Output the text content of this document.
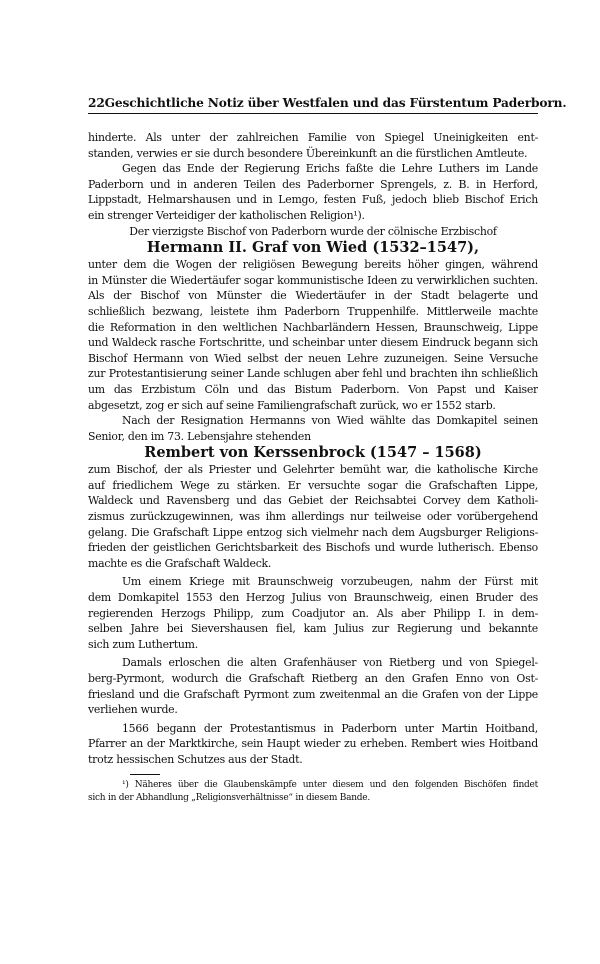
22 Geschichtliche Notiz über Westfalen und das Fürstentum Paderborn.
hinderte. Als unter der zahlreichen Familie von Spiegel Uneinigkeiten ent-
standen, verwies er sie durch besondere Übereinkunft an die fürstlichen Amtleute.
Gegen das Ende der Regierung Erichs faßte die Lehre Luthers im Lande
Paderborn und in anderen Teilen des Paderborner Sprengels, z. B. in Herford,
Lippstadt, Helmarshausen und in Lemgo, festen Fuß, jedoch blieb Bischof Erich
ein strenger Verteidiger der katholischen Religion¹).
Der vierzigste Bischof von Paderborn wurde der cölnische Erzbischof
Hermann II. Graf von Wied (1532–1547),
unter dem die Wogen der religiösen Bewegung bereits höher gingen, während
in Münster die Wiedertäufer sogar kommunistische Ideen zu verwirklichen suchten.
Als der Bischof von Münster die Wiedertäufer in der Stadt belagerte und
schließlich bezwang, leistete ihm Paderborn Truppenhilfe. Mittlerweile machte
die Reformation in den weltlichen Nachbarländern Hessen, Braunschweig, Lippe
und Waldeck rasche Fortschritte, und scheinbar unter diesem Eindruck begann sich
Bischof Hermann von Wied selbst der neuen Lehre zuzuneigen. Seine Versuche
zur Protestantisierung seiner Lande schlugen aber fehl und brachten ihn schließlich
um das Erzbistum Cöln und das Bistum Paderborn. Von Papst und Kaiser
abgesetzt, zog er sich auf seine Familiengrafschaft zurück, wo er 1552 starb.
Nach der Resignation Hermanns von Wied wählte das Domkapitel seinen
Senior, den im 73. Lebensjahre stehenden
Rembert von Kerssenbrock (1547 – 1568)
zum Bischof, der als Priester und Gelehrter bemüht war, die katholische Kirche
auf friedlichem Wege zu stärken. Er versuchte sogar die Grafschaften Lippe,
Waldeck und Ravensberg und das Gebiet der Reichsabtei Corvey dem Katholi-
zismus zurückzugewinnen, was ihm allerdings nur teilweise oder vorübergehend
gelang. Die Grafschaft Lippe entzog sich vielmehr nach dem Augsburger Religions-
frieden der geistlichen Gerichtsbarkeit des Bischofs und wurde lutherisch. Ebenso
machte es die Grafschaft Waldeck.
Um einem Kriege mit Braunschweig vorzubeugen, nahm der Fürst mit
dem Domkapitel 1553 den Herzog Julius von Braunschweig, einen Bruder des
regierenden Herzogs Philipp, zum Coadjutor an. Als aber Philipp I. in dem-
selben Jahre bei Sievershausen fiel, kam Julius zur Regierung und bekannte
sich zum Luthertum.
Damals erloschen die alten Grafenhäuser von Rietberg und von Spiegel-
berg-Pyrmont, wodurch die Grafschaft Rietberg an den Grafen Enno von Ost-
friesland und die Grafschaft Pyrmont zum zweitenmal an die Grafen von der Lippe
verliehen wurde.
1566 begann der Protestantismus in Paderborn unter Martin Hoitband,
Pfarrer an der Marktkirche, sein Haupt wieder zu erheben. Rembert wies Hoitband
trotz hessischen Schutzes aus der Stadt.
¹) Näheres über die Glaubenskämpfe unter diesem und den folgenden Bischöfen findet
sich in der Abhandlung „Religionsverhältnisse“ in diesem Bande.
